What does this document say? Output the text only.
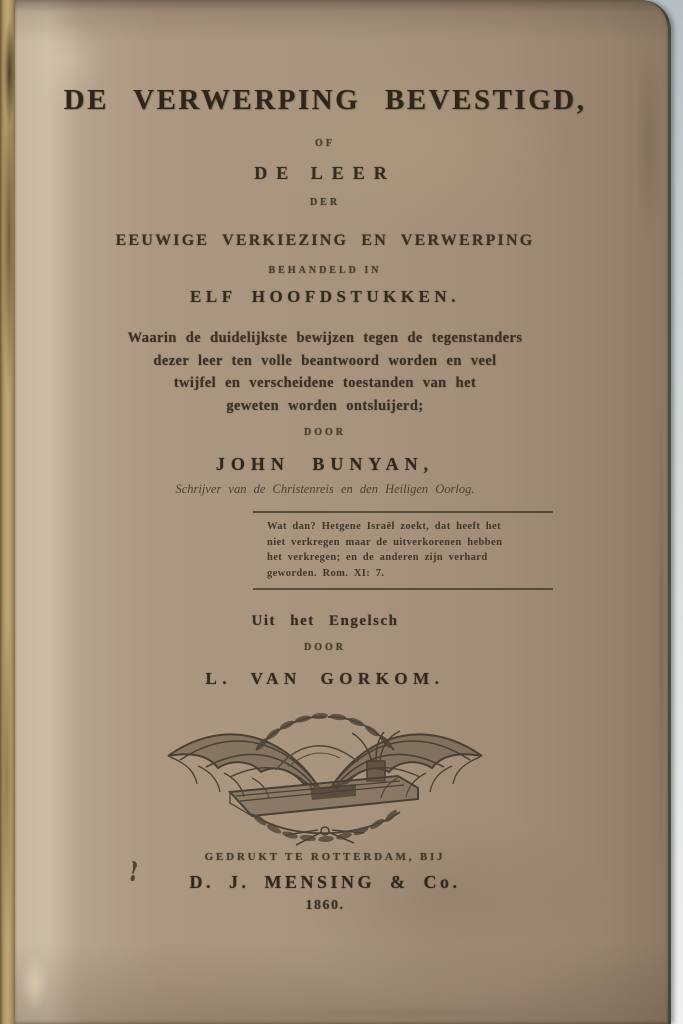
DE VERWERPING BEVESTIGD,
OF
DE LEER
DER
EEUWIGE VERKIEZING EN VERWERPING
BEHANDELD IN
ELF HOOFDSTUKKEN.
Waarin de duidelijkste bewijzen tegen de tegenstanders
dezer leer ten volle beantwoord worden en veel
twijfel en verscheidene toestanden van het
geweten worden ontsluijerd;
DOOR
JOHN BUNYAN,
Schrijver van de Christenreis en den Heiligen Oorlog.
Wat dan? Hetgene Israël zoekt, dat heeft het
niet verkregen maar de uitverkorenen hebben
het verkregen; en de anderen zijn verhard
geworden. Rom. XI: 7.
Uit het Engelsch
DOOR
L. VAN GORKOM.
GEDRUKT TE ROTTERDAM, BIJ
D. J. MENSING & Co.
1860.
